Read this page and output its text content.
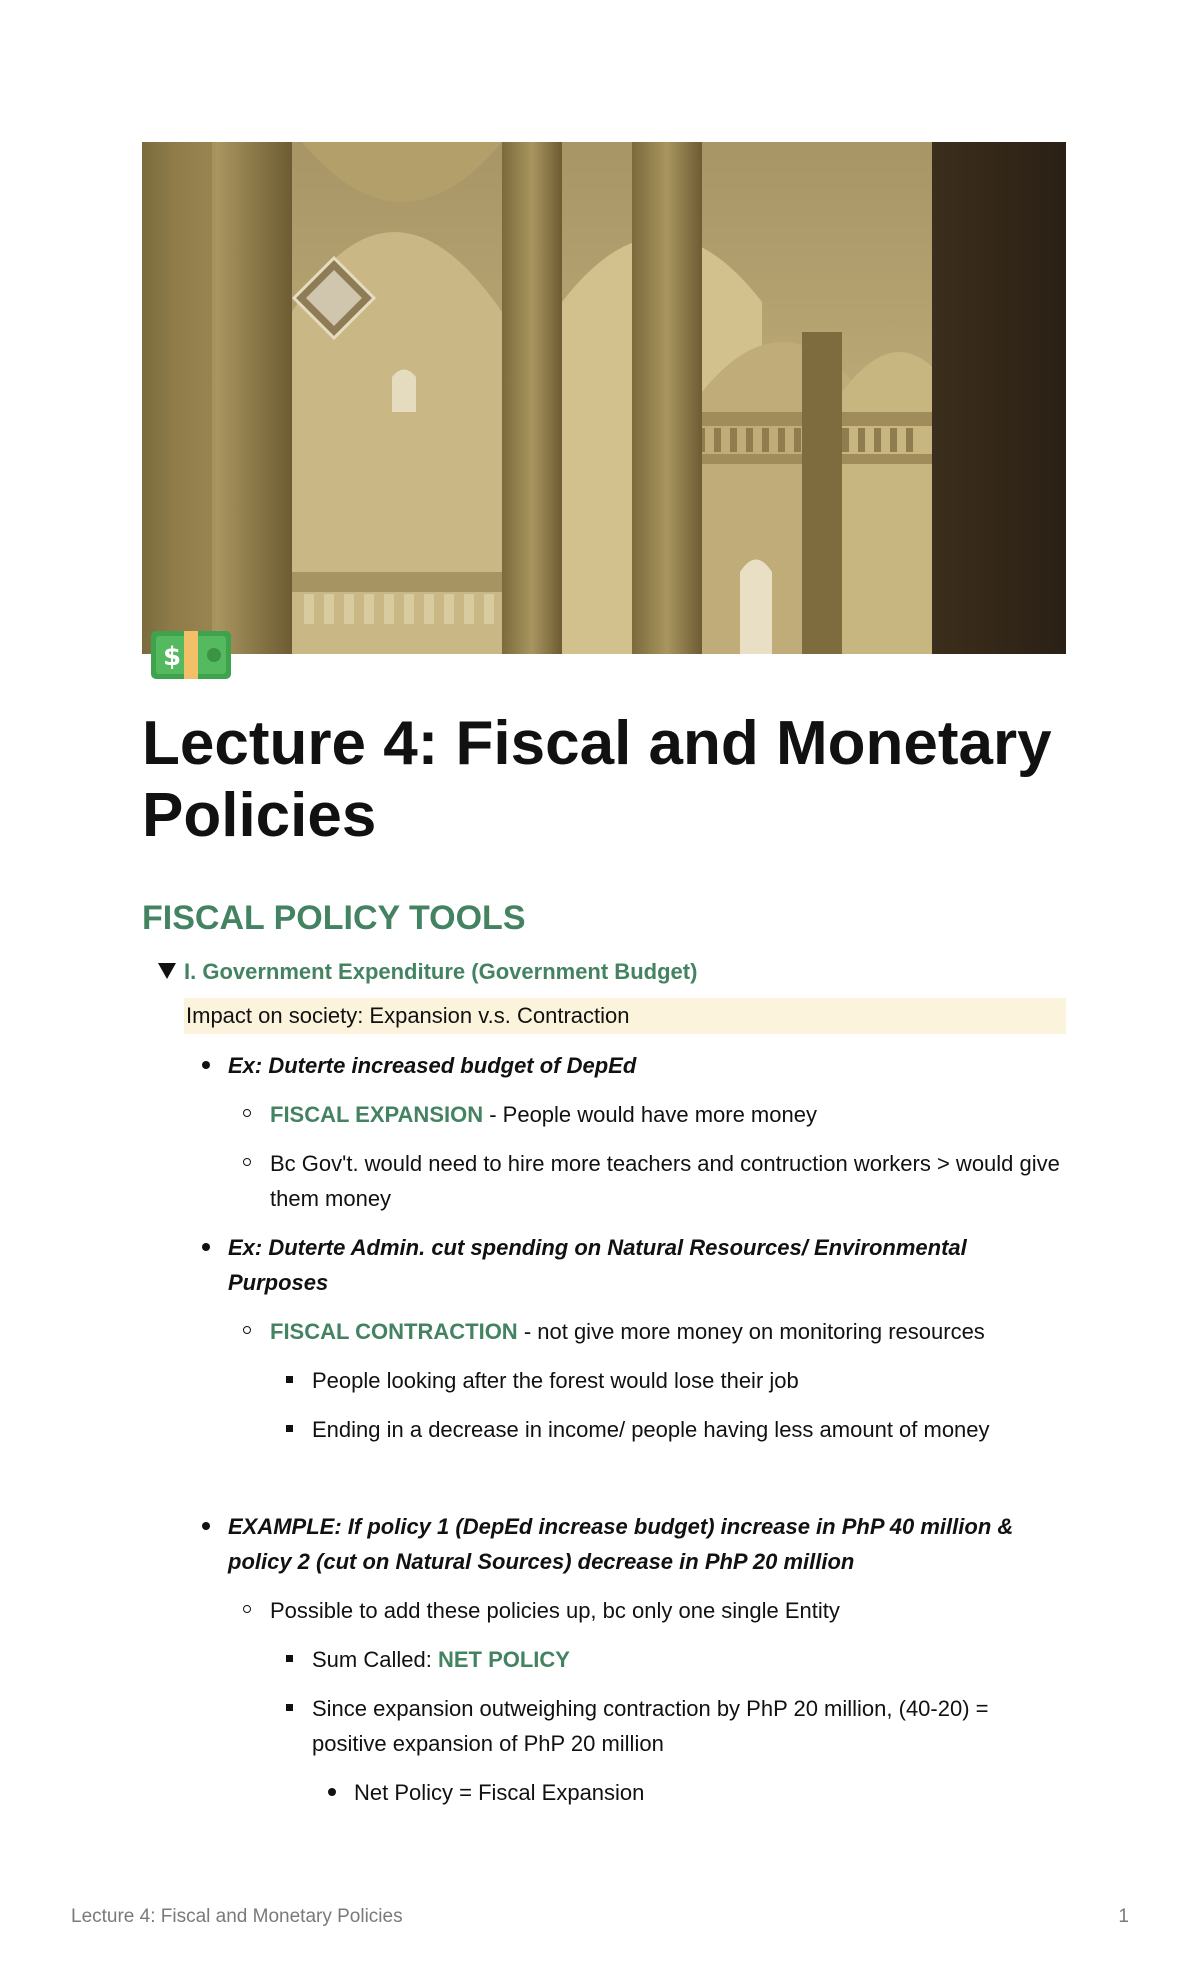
$
Lecture 4: Fiscal and Monetary Policies
FISCAL POLICY TOOLS
I. Government Expenditure (Government Budget)
Impact on society: Expansion v.s. Contraction
Ex: Duterte increased budget of DepEd
FISCAL EXPANSION - People would have more money
Bc Gov't. would need to hire more teachers and contruction workers > would give them money
Ex: Duterte Admin. cut spending on Natural Resources/ Environmental Purposes
FISCAL CONTRACTION - not give more money on monitoring resources
People looking after the forest would lose their job
Ending in a decrease in income/ people having less amount of money
EXAMPLE: If policy 1 (DepEd increase budget) increase in PhP 40 million & policy 2 (cut on Natural Sources) decrease in PhP 20 million
Possible to add these policies up, bc only one single Entity
Sum Called: NET POLICY
Since expansion outweighing contraction by PhP 20 million, (40-20) = positive expansion of PhP 20 million
Net Policy = Fiscal Expansion
Lecture 4: Fiscal and Monetary Policies	1
